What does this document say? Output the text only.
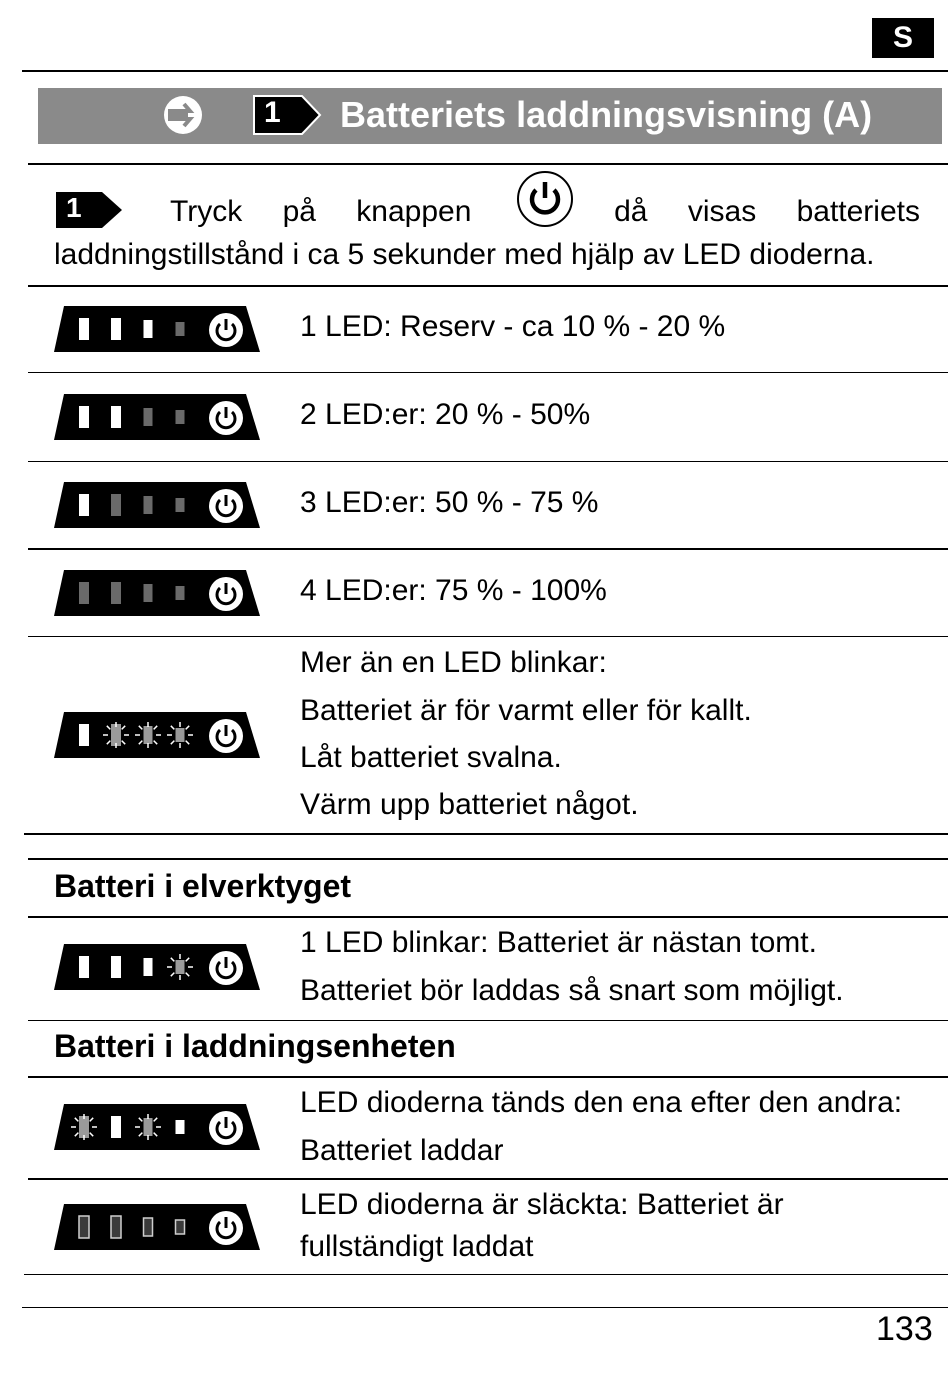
S
1 Batteriets laddningsvisning (A)
1	Tryck på knappen	då visas batteriets
laddningstillstånd i ca 5 sekunder med hjälp av LED dioderna.
1 LED: Reserv - ca 10 % - 20 %
2 LED:er: 20 % - 50%
3 LED:er: 50 % - 75 %
4 LED:er: 75 % - 100%
Mer än en LED blinkar:
Batteriet är för varmt eller för kallt.
Låt batteriet svalna.
Värm upp batteriet något.
Batteri i elverktyget
1 LED blinkar: Batteriet är nästan tomt.
Batteriet bör laddas så snart som möjligt.
Batteri i laddningsenheten
LED dioderna tänds den ena efter den andra:
Batteriet laddar
LED dioderna är släckta: Batteriet är
fullständigt laddat
133
